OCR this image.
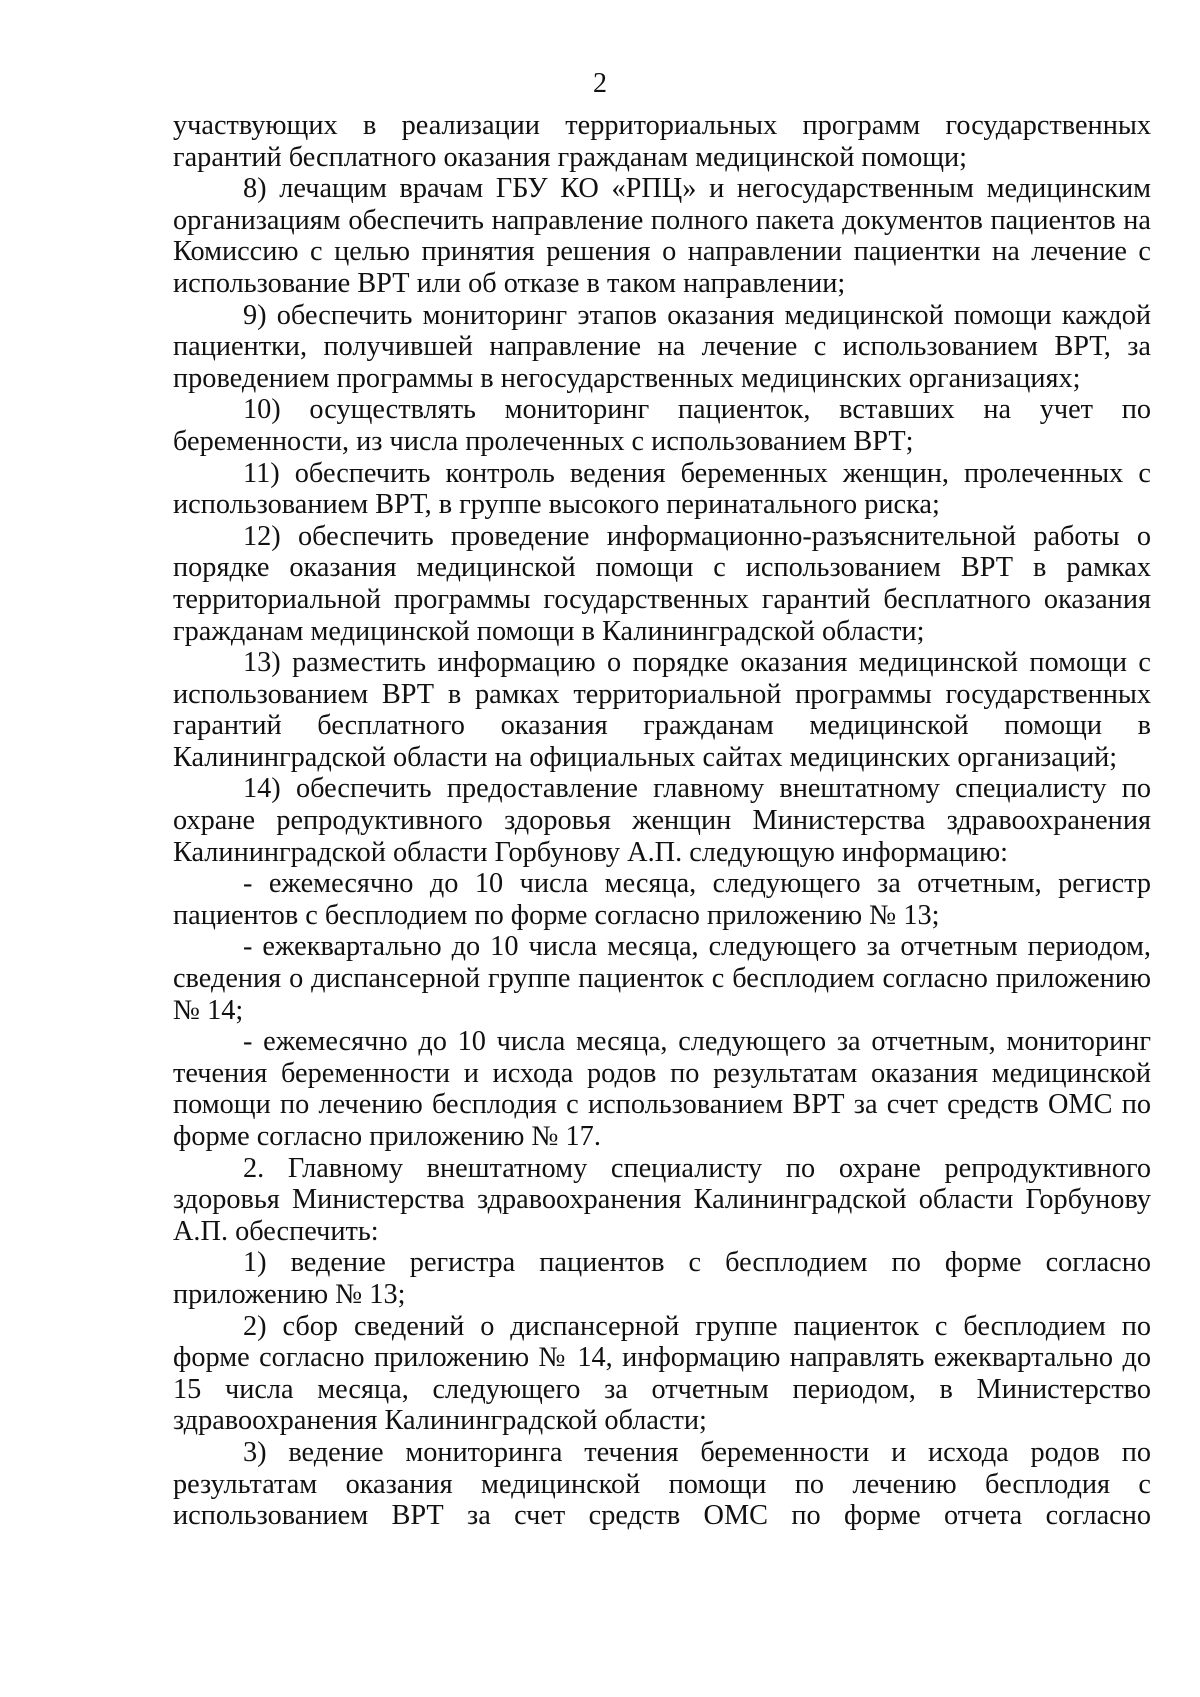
2

участвующих в реализации территориальных программ государственных гарантий бесплатного оказания гражданам медицинской помощи;

8) лечащим врачам ГБУ КО «РПЦ» и негосударственным медицинским организациям обеспечить направление полного пакета документов пациентов на Комиссию с целью принятия решения о направлении пациентки на лечение с использование ВРТ или об отказе в таком направлении;

9) обеспечить мониторинг этапов оказания медицинской помощи каждой пациентки, получившей направление на лечение с использованием ВРТ, за проведением программы в негосударственных медицинских организациях;

10) осуществлять мониторинг пациенток, вставших на учет по беременности, из числа пролеченных с использованием ВРТ;

11) обеспечить контроль ведения беременных женщин, пролеченных с использованием ВРТ, в группе высокого перинатального риска;

12) обеспечить проведение информационно-разъяснительной работы о порядке оказания медицинской помощи с использованием ВРТ в рамках территориальной программы государственных гарантий бесплатного оказания гражданам медицинской помощи в Калининградской области;

13) разместить информацию о порядке оказания медицинской помощи с использованием ВРТ в рамках территориальной программы государственных гарантий бесплатного оказания гражданам медицинской помощи в Калининградской области на официальных сайтах медицинских организаций;

14) обеспечить предоставление главному внештатному специалисту по охране репродуктивного здоровья женщин Министерства здравоохранения Калининградской области Горбунову А.П. следующую информацию:

- ежемесячно до 10 числа месяца, следующего за отчетным, регистр пациентов с бесплодием по форме согласно приложению № 13;

- ежеквартально до 10 числа месяца, следующего за отчетным периодом, сведения о диспансерной группе пациенток с бесплодием согласно приложению № 14;

- ежемесячно до 10 числа месяца, следующего за отчетным, мониторинг течения беременности и исхода родов по результатам оказания медицинской помощи по лечению бесплодия с использованием ВРТ за счет средств ОМС по форме согласно приложению № 17.

2. Главному внештатному специалисту по охране репродуктивного здоровья Министерства здравоохранения Калининградской области Горбунову А.П. обеспечить:

1) ведение регистра пациентов с бесплодием по форме согласно приложению № 13;

2) сбор сведений о диспансерной группе пациенток с бесплодием по форме согласно приложению № 14, информацию направлять ежеквартально до 15 числа месяца, следующего за отчетным периодом, в Министерство здравоохранения Калининградской области;

3) ведение мониторинга течения беременности и исхода родов по результатам оказания медицинской помощи по лечению бесплодия с использованием ВРТ за счет средств ОМС по форме отчета согласно
